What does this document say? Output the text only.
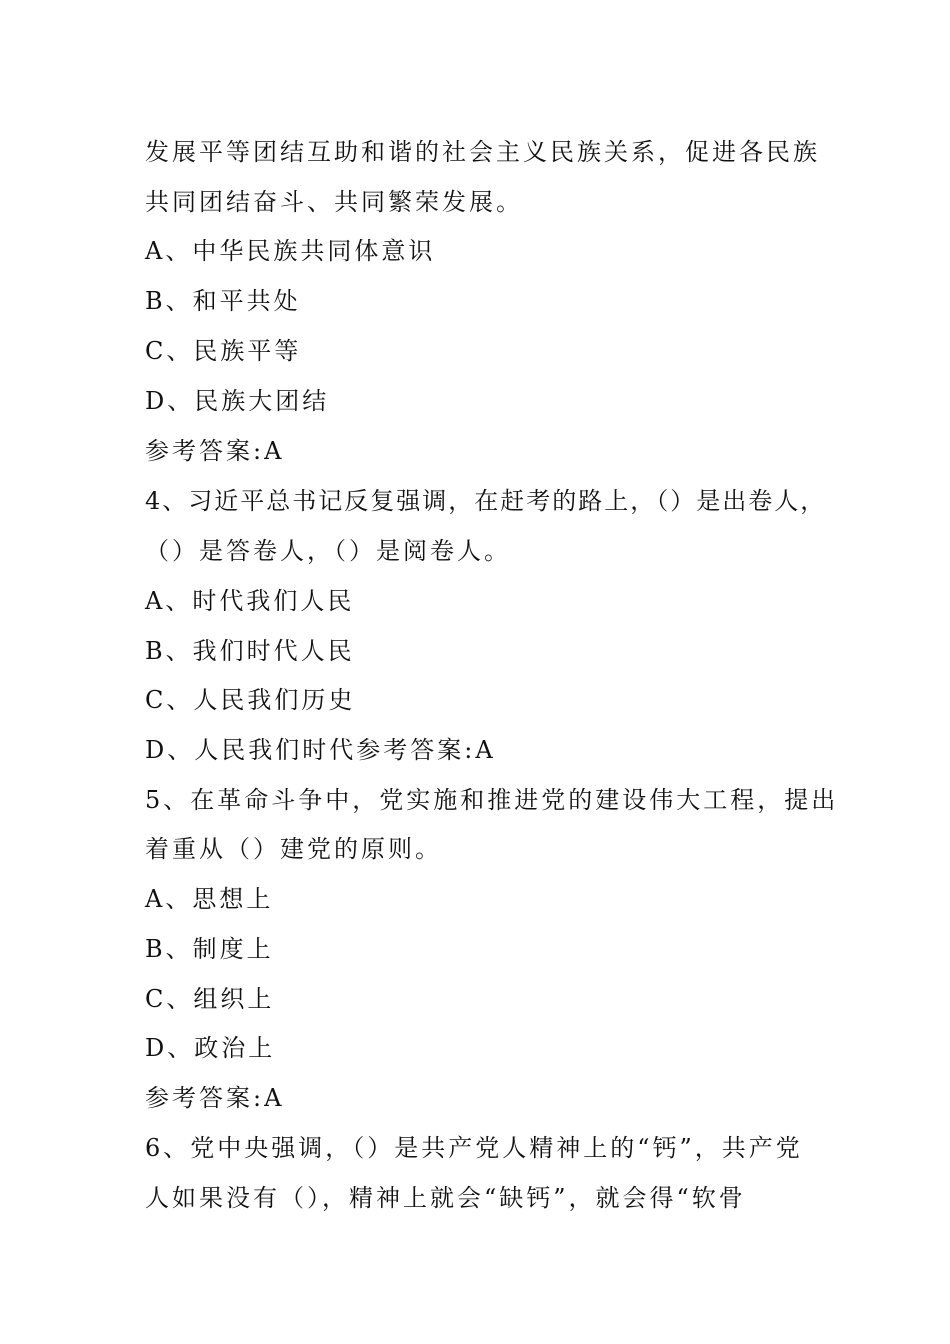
发展平等团结互助和谐的社会主义民族关系，促进各民族
共同团结奋斗、共同繁荣发展。
A、中华民族共同体意识
B、和平共处
C、民族平等
D、民族大团结
参考答案:A
4、习近平总书记反复强调，在赶考的路上，（）是出卷人，
（）是答卷人，（）是阅卷人。
A、时代我们人民
B、我们时代人民
C、人民我们历史
D、人民我们时代参考答案:A
5、在革命斗争中，党实施和推进党的建设伟大工程，提出
着重从（）建党的原则。
A、思想上
B、制度上
C、组织上
D、政治上
参考答案:A
6、党中央强调，（）是共产党人精神上的“钙”，共产党
人如果没有（），精神上就会“缺钙”，就会得“软骨
